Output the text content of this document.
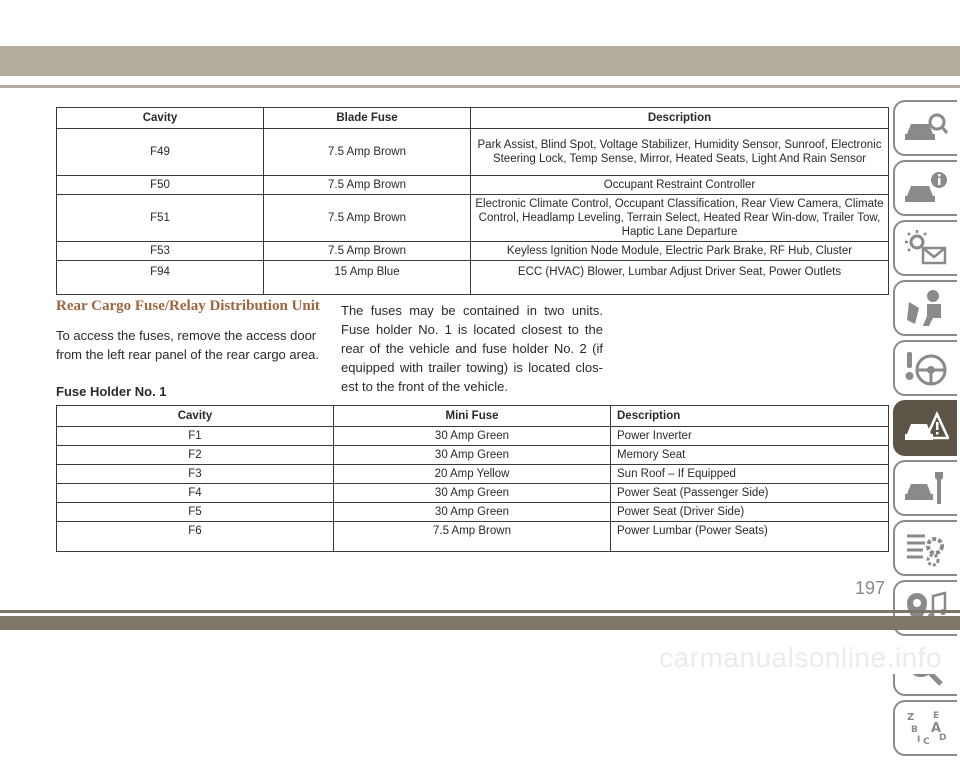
Cavity	Blade Fuse	Description
F49	7.5 Amp Brown	Park Assist, Blind Spot, Voltage Stabilizer, Humidity Sensor, Sunroof, Electronic Steering Lock, Temp Sense, Mirror, Heated Seats, Light And Rain Sensor
F50	7.5 Amp Brown	Occupant Restraint Controller
F51	7.5 Amp Brown	Electronic Climate Control, Occupant Classification, Rear View Camera, Climate Control, Headlamp Leveling, Terrain Select, Heated Rear Win-dow, Trailer Tow, Haptic Lane Departure
F53	7.5 Amp Brown	Keyless Ignition Node Module, Electric Park Brake, RF Hub, Cluster
F94	15 Amp Blue	ECC (HVAC) Blower, Lumbar Adjust Driver Seat, Power Outlets
Rear Cargo Fuse/Relay Distribution Unit
To access the fuses, remove the access door from the left rear panel of the rear cargo area.
The fuses may be contained in two units. Fuse holder No. 1 is located closest to the rear of the vehicle and fuse holder No. 2 (if equipped with trailer towing) is located clos-est to the front of the vehicle.
Fuse Holder No. 1
Cavity	Mini Fuse	Description
F1	30 Amp Green	Power Inverter
F2	30 Amp Green	Memory Seat
F3	20 Amp Yellow	Sun Roof – If Equipped
F4	30 Amp Green	Power Seat (Passenger Side)
F5	30 Amp Green	Power Seat (Driver Side)
F6	7.5 Amp Brown	Power Lumbar (Power Seats)
Z E
B A
I C D
197
carmanualsonline.info
